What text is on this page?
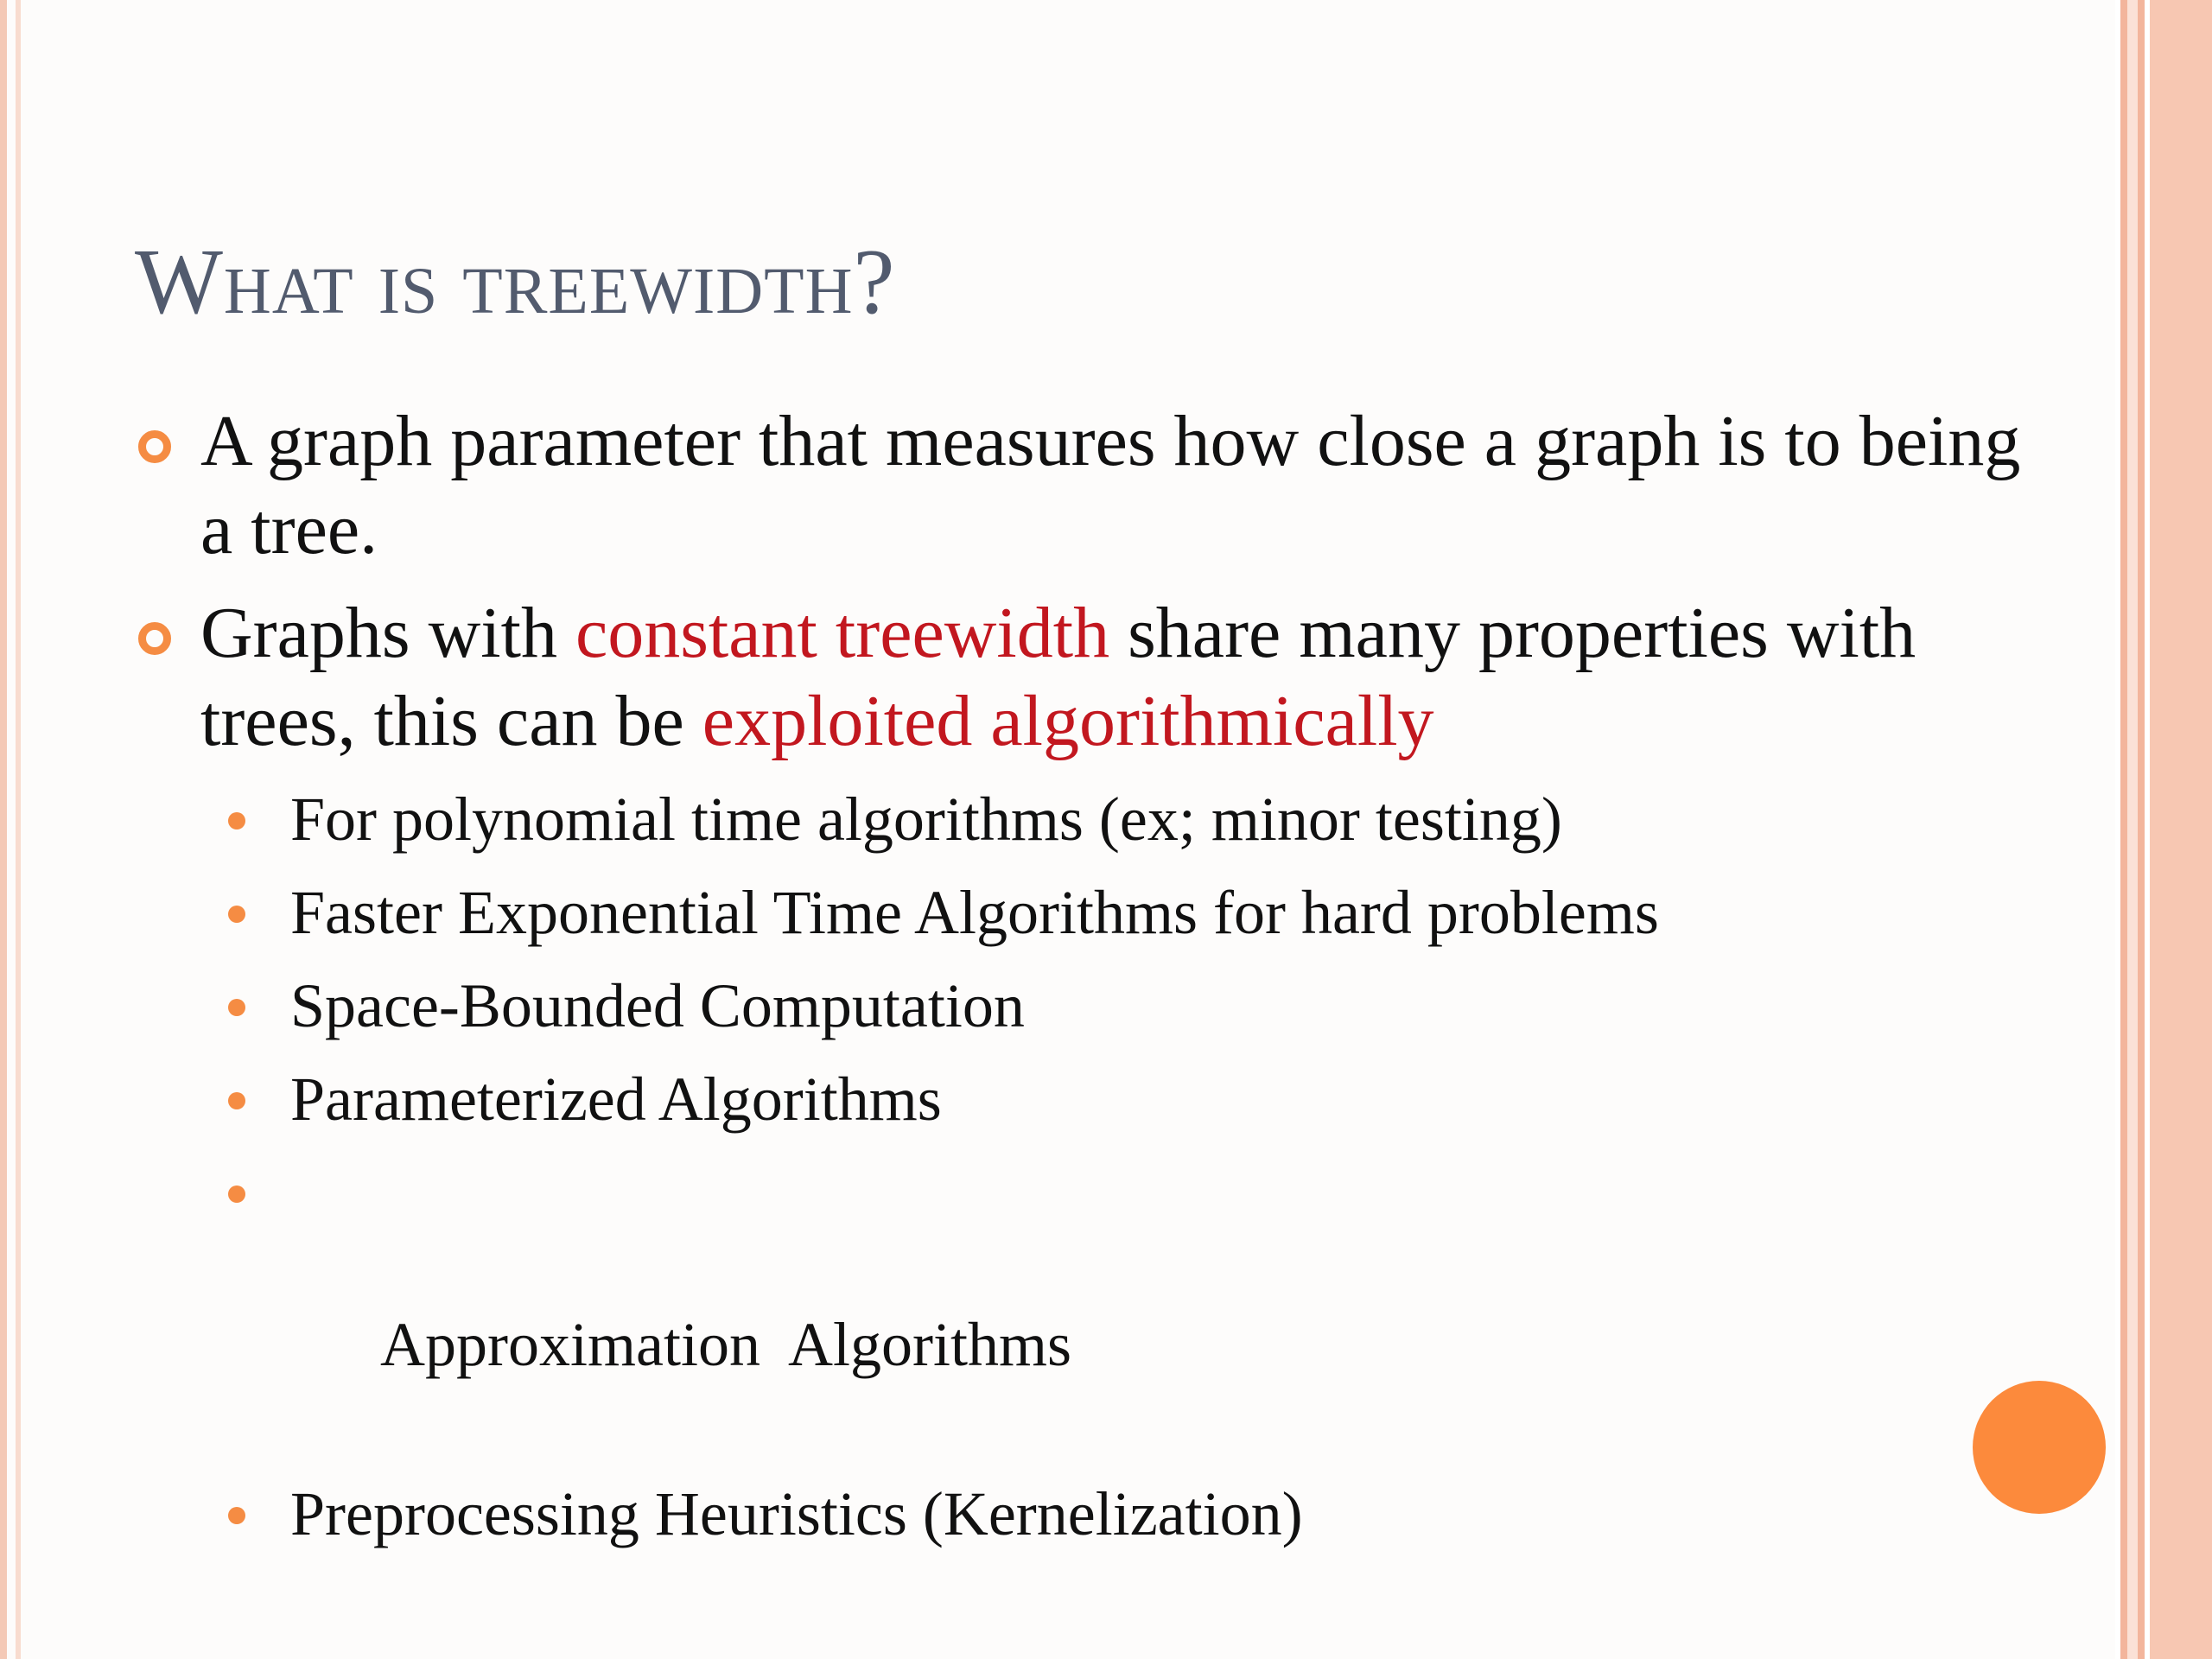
What is treewidth?
A graph parameter that measures how close a graph is to being a tree.
Graphs with constant treewidth share many properties with trees, this can be exploited algorithmically
For polynomial time algorithms (ex; minor testing)
Faster Exponential Time Algorithms for hard problems
Space-Bounded Computation
Parameterized Algorithms

Approximation  Algorithms

Preprocessing Heuristics (Kernelization)
